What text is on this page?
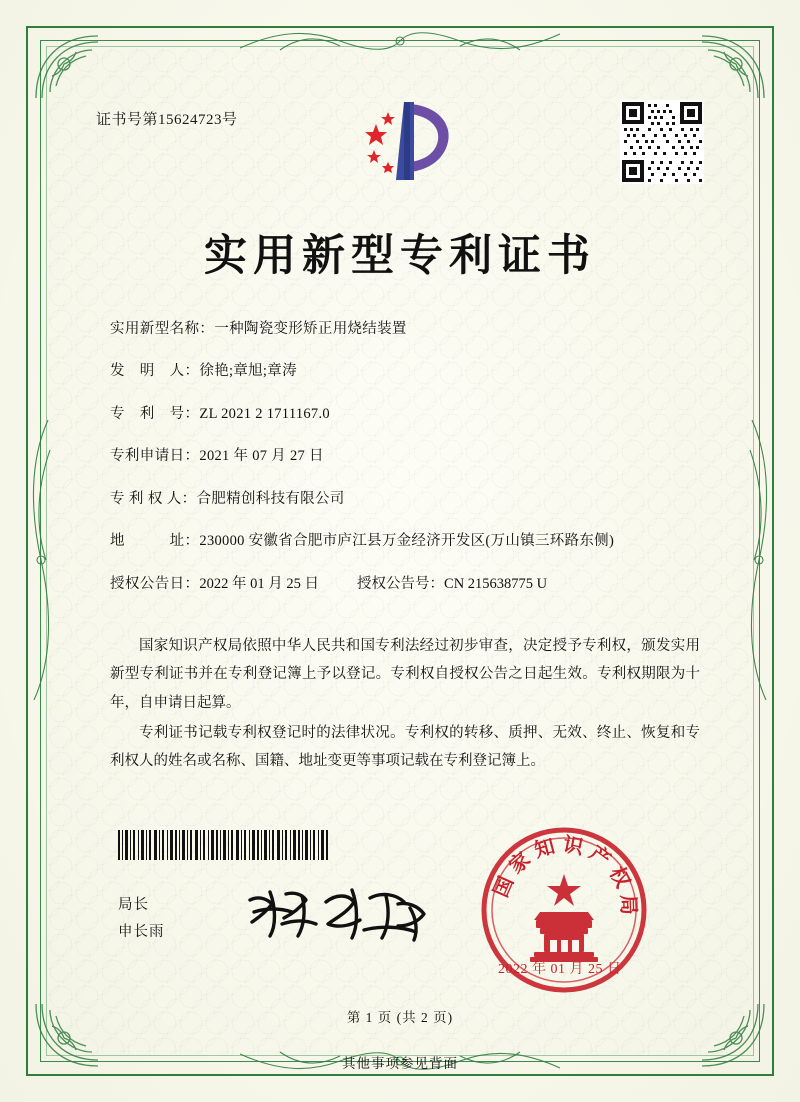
证书号第15624723号
实用新型专利证书
实用新型名称： 一种陶瓷变形矫正用烧结装置
发　明　人： 徐艳;章旭;章涛
专　利　号： ZL 2021 2 1711167.0
专利申请日： 2021 年 07 月 27 日
专 利 权 人： 合肥精创科技有限公司
地　　　址： 230000 安徽省合肥市庐江县万金经济开发区(万山镇三环路东侧)
授权公告日： 2022 年 01 月 25 日	授权公告号： CN 215638775 U

国家知识产权局依照中华人民共和国专利法经过初步审查，决定授予专利权，颁发实用新型专利证书并在专利登记簿上予以登记。专利权自授权公告之日起生效。专利权期限为十年，自申请日起算。

专利证书记载专利权登记时的法律状况。专利权的转移、质押、无效、终止、恢复和专利权人的姓名或名称、国籍、地址变更等事项记载在专利登记簿上。

局长
申长雨
国家知识产权局
2022 年 01 月 25 日
第 1 页 (共 2 页)
其他事项参见背面
